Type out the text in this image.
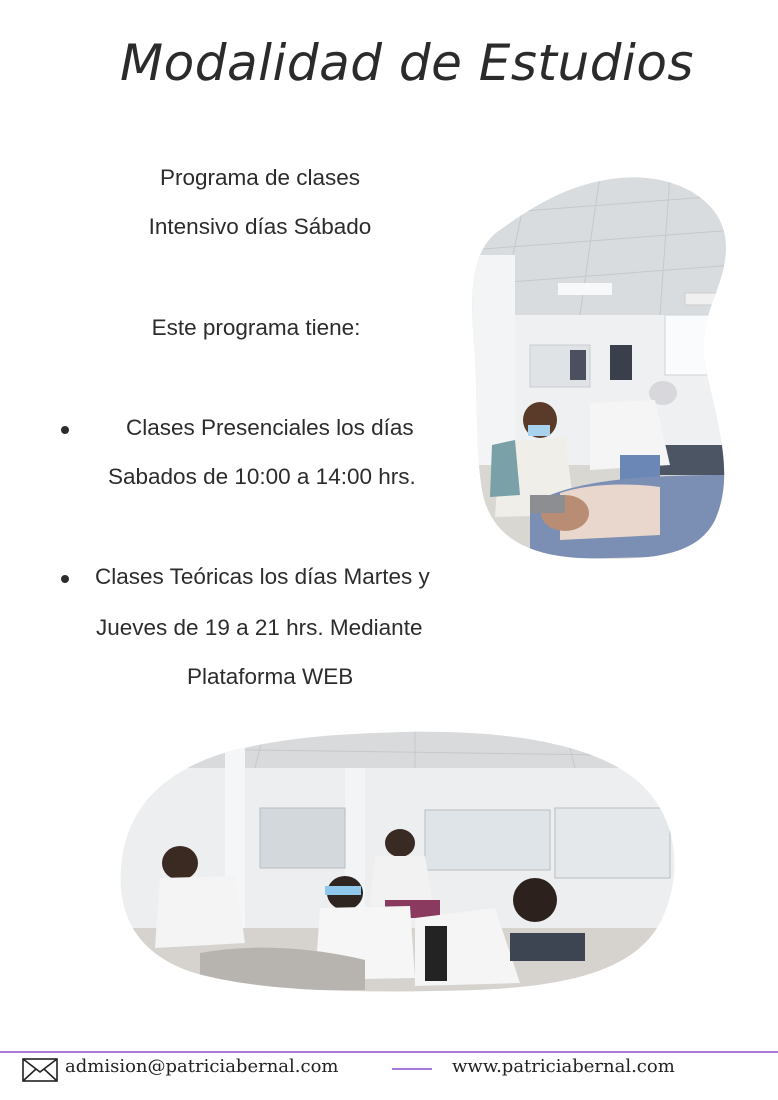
Modalidad de Estudios
Programa de clases
Intensivo días Sábado
Este programa tiene:
Clases Presenciales los días
Sabados de 10:00 a 14:00 hrs.
Clases Teóricas los días Martes y
Jueves de 19 a 21 hrs. Mediante
Plataforma WEB
admision@patriciabernal.com	www.patriciabernal.com
